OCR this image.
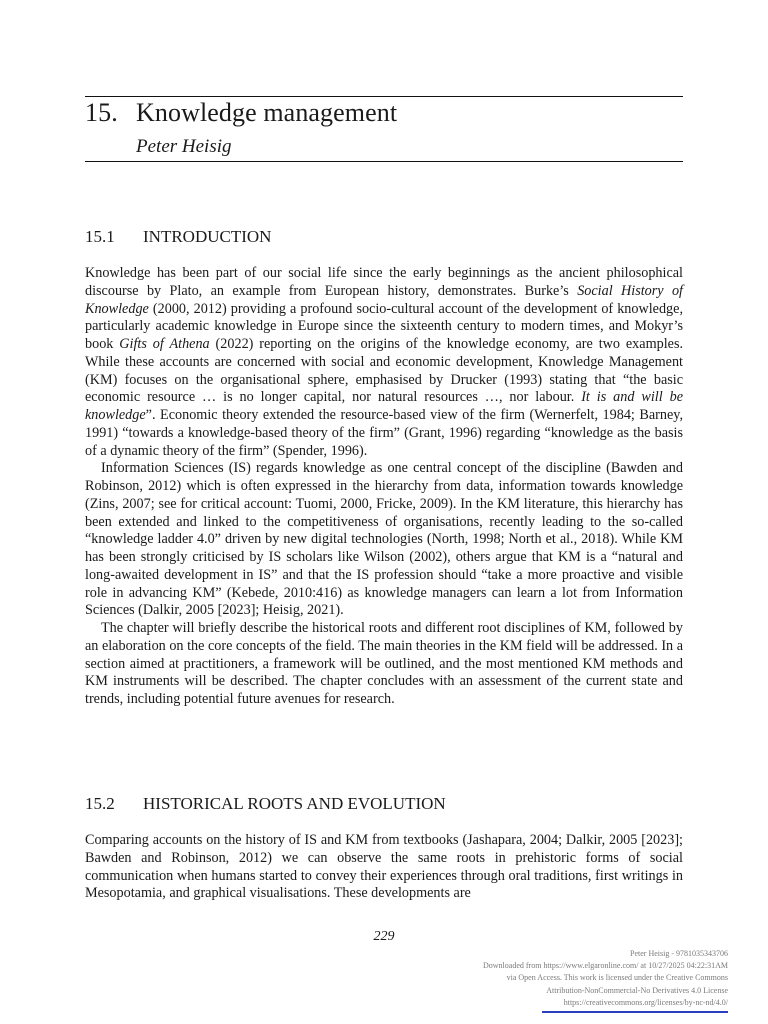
15. Knowledge management
Peter Heisig
15.1 INTRODUCTION

Knowledge has been part of our social life since the early beginnings as the ancient philosophical discourse by Plato, an example from European history, demonstrates. Burke’s Social History of Knowledge (2000, 2012) providing a profound socio-cultural account of the development of knowledge, particularly academic knowledge in Europe since the sixteenth century to modern times, and Mokyr’s book Gifts of Athena (2022) reporting on the origins of the knowledge economy, are two examples. While these accounts are concerned with social and economic development, Knowledge Management (KM) focuses on the organisational sphere, emphasised by Drucker (1993) stating that “the basic economic resource … is no longer capital, nor natural resources …, nor labour. It is and will be knowledge”. Economic theory extended the resource-based view of the firm (Wernerfelt, 1984; Barney, 1991) “towards a knowledge-based theory of the firm” (Grant, 1996) regarding “knowledge as the basis of a dynamic theory of the firm” (Spender, 1996).

Information Sciences (IS) regards knowledge as one central concept of the discipline (Bawden and Robinson, 2012) which is often expressed in the hierarchy from data, information towards knowledge (Zins, 2007; see for critical account: Tuomi, 2000, Fricke, 2009). In the KM literature, this hierarchy has been extended and linked to the competitiveness of organisations, recently leading to the so-called “knowledge ladder 4.0” driven by new digital technologies (North, 1998; North et al., 2018). While KM has been strongly criticised by IS scholars like Wilson (2002), others argue that KM is a “natural and long-awaited development in IS” and that the IS profession should “take a more proactive and visible role in advancing KM” (Kebede, 2010:416) as knowledge managers can learn a lot from Information Sciences (Dalkir, 2005 [2023]; Heisig, 2021).

The chapter will briefly describe the historical roots and different root disciplines of KM, followed by an elaboration on the core concepts of the field. The main theories in the KM field will be addressed. In a section aimed at practitioners, a framework will be outlined, and the most mentioned KM methods and KM instruments will be described. The chapter concludes with an assessment of the current state and trends, including potential future avenues for research.

15.2 HISTORICAL ROOTS AND EVOLUTION

Comparing accounts on the history of IS and KM from textbooks (Jashapara, 2004; Dalkir, 2005 [2023]; Bawden and Robinson, 2012) we can observe the same roots in prehistoric forms of social communication when humans started to convey their experiences through oral traditions, first writings in Mesopotamia, and graphical visualisations. These developments are

229
Peter Heisig - 9781035343706
Downloaded from https://www.elgaronline.com/ at 10/27/2025 04:22:31AM
via Open Access. This work is licensed under the Creative Commons
Attribution-NonCommercial-No Derivatives 4.0 License
https://creativecommons.org/licenses/by-nc-nd/4.0/
